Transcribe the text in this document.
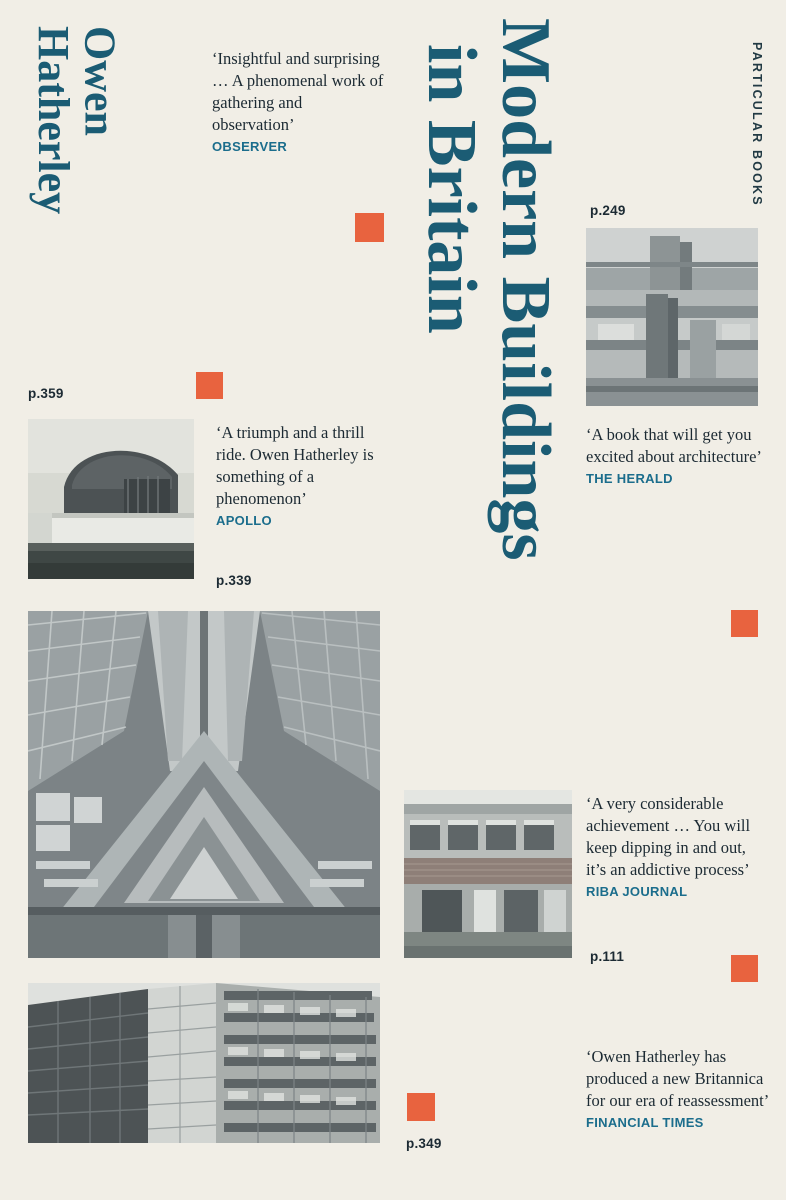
Modern Buildings
in Britain
Owen
Hatherley	PARTICULAR BOOKS
‘Insightful and surprising … A phenomenal work of gathering and observation’
OBSERVER
‘A triumph and a thrill ride. Owen Hatherley is something of a phenomenon’
APOLLO
‘A book that will get you excited about architecture’
THE HERALD
‘A very considerable achievement … You will keep dipping in and out, it’s an addictive process’
RIBA JOURNAL
‘Owen Hatherley has produced a new Britannica for our era of reassessment’
FINANCIAL TIMES
p.249
p.359
p.339
p.111
p.349
